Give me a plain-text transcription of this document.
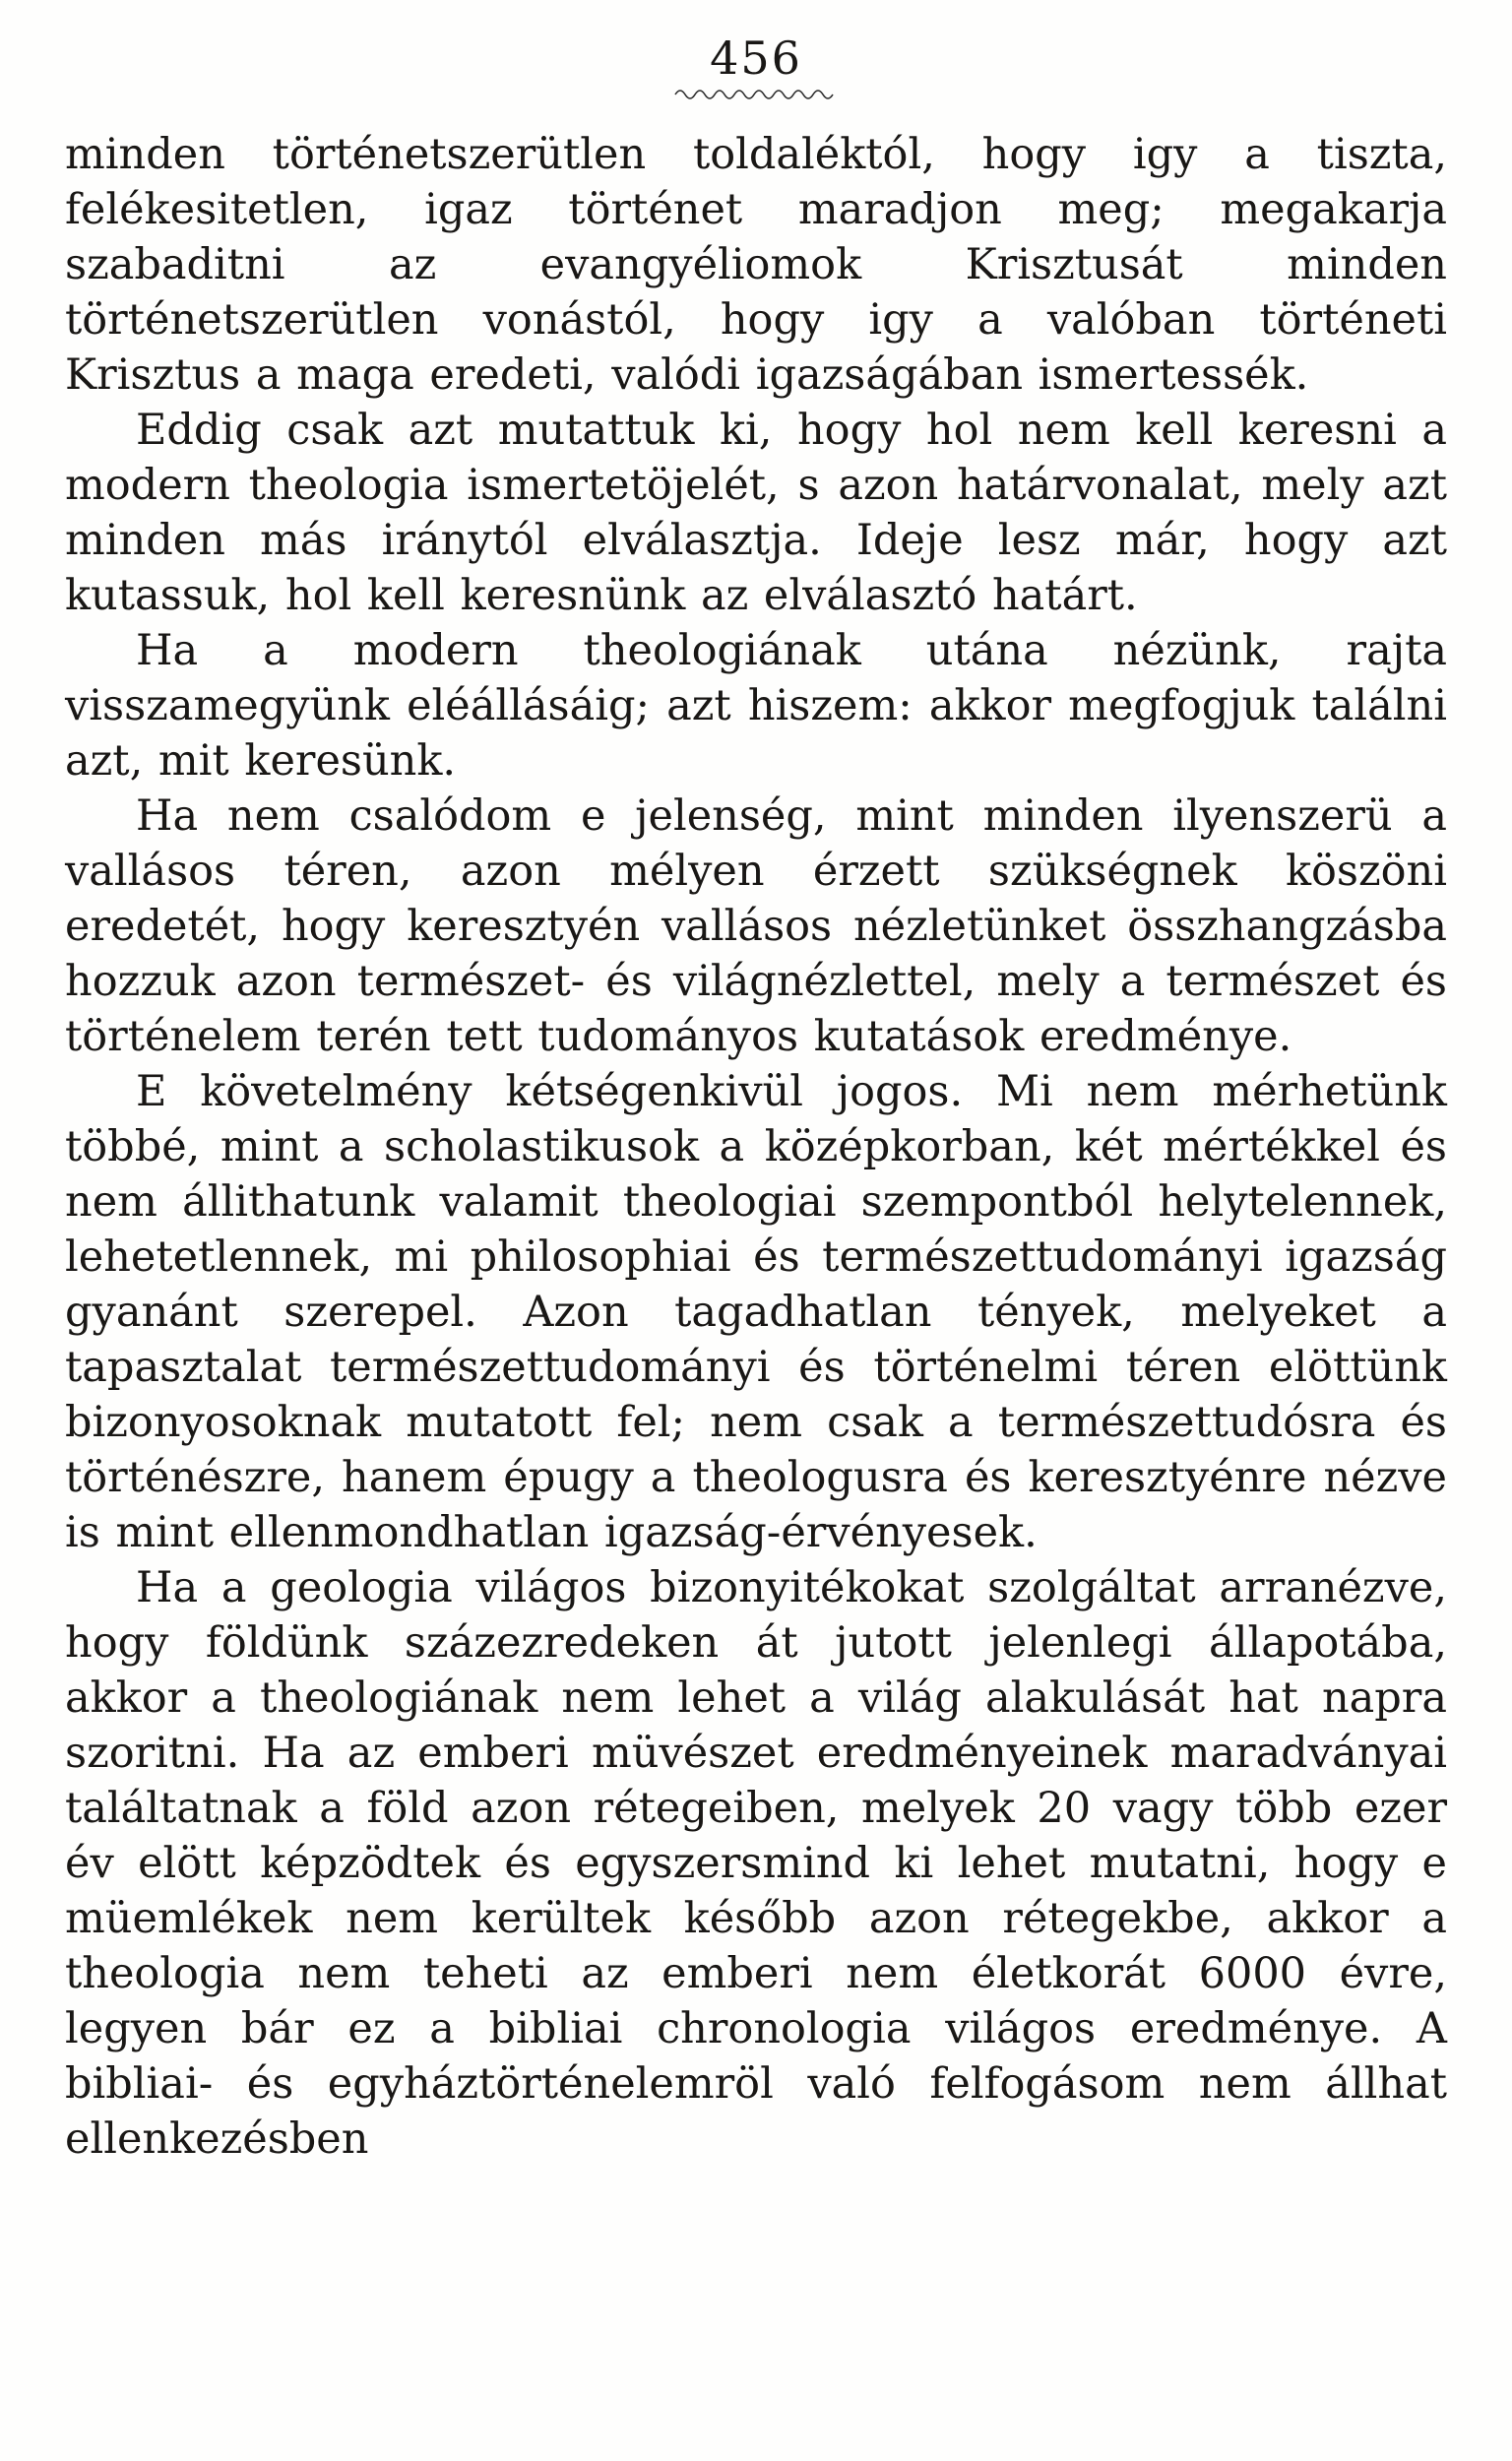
456

minden történetszerütlen toldaléktól, hogy igy a tiszta, felékesitetlen, igaz történet maradjon meg; megakarja szabaditni az evangyéliomok Krisztusát minden történetszerütlen vonástól, hogy igy a valóban történeti Krisztus a maga eredeti, valódi igazságában ismertessék.

Eddig csak azt mutattuk ki, hogy hol nem kell keresni a modern theologia ismertetöjelét, s azon határvonalat, mely azt minden más iránytól elválasztja. Ideje lesz már, hogy azt kutassuk, hol kell keresnünk az elválasztó határt.

Ha a modern theologiának utána nézünk, rajta visszamegyünk eléállásáig; azt hiszem: akkor megfogjuk találni azt, mit keresünk.

Ha nem csalódom e jelenség, mint minden ilyenszerü a vallásos téren, azon mélyen érzett szükségnek köszöni eredetét, hogy keresztyén vallásos nézletünket összhangzásba hozzuk azon természet- és világnézlettel, mely a természet és történelem terén tett tudományos kutatások eredménye.

E követelmény kétségenkivül jogos. Mi nem mérhetünk többé, mint a scholastikusok a középkorban, két mértékkel és nem állithatunk valamit theologiai szempontból helytelennek, lehetetlennek, mi philosophiai és természettudományi igazság gyanánt szerepel. Azon tagadhatlan tények, melyeket a tapasztalat természettudományi és történelmi téren elöttünk bizonyosoknak mutatott fel; nem csak a természettudósra és történészre, hanem épugy a theologusra és keresztyénre nézve is mint ellenmondhatlan igazság-érvényesek.

Ha a geologia világos bizonyitékokat szolgáltat arranézve, hogy földünk százezredeken át jutott jelenlegi állapotába, akkor a theologiának nem lehet a világ alakulását hat napra szoritni. Ha az emberi müvészet eredményeinek maradványai találtatnak a föld azon rétegeiben, melyek 20 vagy több ezer év elött képzödtek és egyszersmind ki lehet mutatni, hogy e müemlékek nem kerültek később azon rétegekbe, akkor a theologia nem teheti az emberi nem életkorát 6000 évre, legyen bár ez a bibliai chronologia világos eredménye. A bibliai- és egyháztörténelemröl való felfogásom nem állhat ellenkezésben
